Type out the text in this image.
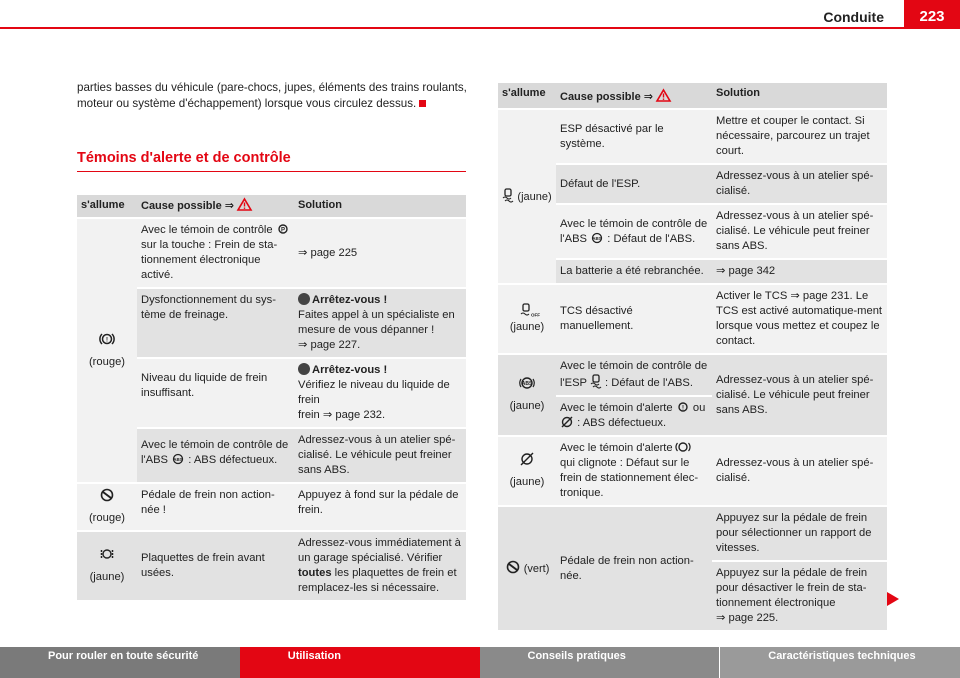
Conduite	223
parties basses du véhicule (pare-chocs, jupes, éléments des trains roulants, moteur ou système d'échappement) lorsque vous circulez dessus.
Témoins d'alerte et de contrôle
s'allume	Cause possible ⇒	Solution

!
(rouge)	Avec le témoin de contrôle P
sur la touche : Frein de sta-tionnement électronique activé.	⇒ page 225
	Dysfonctionnement du sys-tème de freinage.	Arrêtez-vous !
Faites appel à un spécialiste en mesure de vous dépanner !
⇒ page 227.
	Niveau du liquide de frein insuffisant.	Arrêtez-vous !
Vérifiez le niveau du liquide de frein
frein ⇒ page 232.
	Avec le témoin de contrôle de l'ABS ABS : ABS défectueux.	Adressez-vous à un atelier spé-cialisé. Le véhicule peut freiner sans ABS.

(rouge)	Pédale de frein non action-née !	Appuyez à fond sur la pédale de frein.

(jaune)	Plaquettes de frein avant usées.	Adressez-vous immédiatement à un garage spécialisé. Vérifier toutes les plaquettes de frein et remplacez-les si nécessaire.
s'allume	Cause possible ⇒	Solution
(jaune)	ESP désactivé par le système.	Mettre et couper le contact. Si nécessaire, parcourez un trajet court.
	Défaut de l'ESP.	Adressez-vous à un atelier spé-cialisé.
	Avec le témoin de contrôle de l'ABS ABS : Défaut de l'ABS.	Adressez-vous à un atelier spé-cialisé. Le véhicule peut freiner sans ABS.
	La batterie a été rebranchée.	⇒ page 342

OFF
(jaune)	TCS désactivé manuellement.	Activer le TCS ⇒ page 231. Le TCS est activé automatique-ment lorsque vous mettez et coupez le contact.

ABS
(jaune)	Avec le témoin de contrôle de l'ESP : Défaut de l'ABS.	Adressez-vous à un atelier spé-cialisé. Le véhicule peut freiner sans ABS.
	Avec le témoin d'alerte ! ou  : ABS défectueux.	

(jaune)	Avec le témoin d'alerte
qui clignote : Défaut sur le frein de stationnement élec-tronique.	Adressez-vous à un atelier spé-cialisé.
(vert)	Pédale de frein non action-née.	Appuyez sur la pédale de frein pour sélectionner un rapport de vitesses.
		Appuyez sur la pédale de frein pour désactiver le frein de sta-tionnement électronique
⇒ page 225.
Pour rouler en toute sécurité	Utilisation	Conseils pratiques	Caractéristiques techniques
